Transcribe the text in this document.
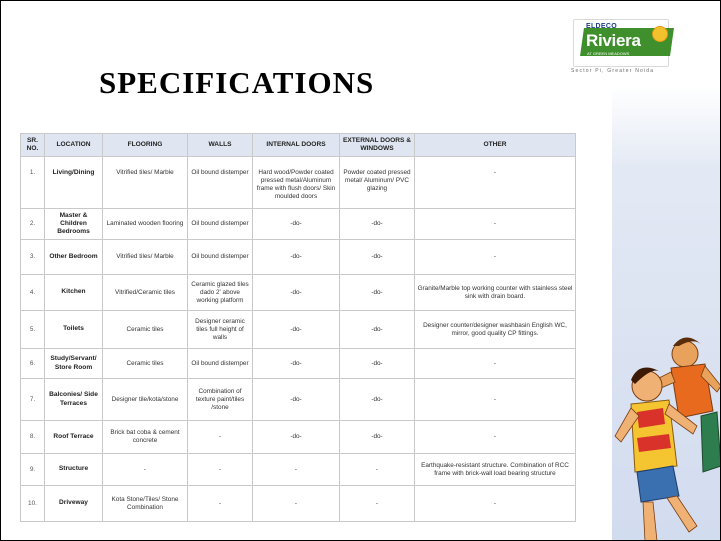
ELDECO
Riviera
AT GREEN MEADOWS
Sector Pi, Greater Noida
SPECIFICATIONS
SR. NO.	LOCATION	FLOORING	WALLS	INTERNAL DOORS	EXTERNAL DOORS & WINDOWS	OTHER
1.	Living/Dining	Vitrified tiles/ Marble	Oil bound distemper	Hard wood/Powder coated pressed metal/Aluminum frame with flush doors/ Skin moulded doors	Powder coated pressed metal/ Aluminum/ PVC glazing	-
2.	Master & Children Bedrooms	Laminated wooden flooring	Oil bound distemper	-do-	-do-	-
3.	Other Bedroom	Vitrified tiles/ Marble	Oil bound distemper	-do-	-do-	-
4.	Kitchen	Vitrified/Ceramic tiles	Ceramic glazed tiles dado 2' above working platform	-do-	-do-	Granite/Marble top working counter with stainless steel sink with drain board.
5.	Toilets	Ceramic tiles	Designer ceramic tiles full height of walls	-do-	-do-	Designer counter/designer washbasin English WC, mirror, good quality CP fittings.
6.	Study/Servant/ Store Room	Ceramic tiles	Oil bound distemper	-do-	-do-	-
7.	Balconies/ Side Terraces	Designer tile/kota/stone	Combination of texture paint/tiles /stone	-do-	-do-	-
8.	Roof Terrace	Brick bat coba & cement concrete	-	-do-	-do-	-
9.	Structure	-	-	-	-	Earthquake-resistant structure. Combination of RCC frame with brick-wall load bearing structure
10.	Driveway	Kota Stone/Tiles/ Stone Combination	-	-	-	-
